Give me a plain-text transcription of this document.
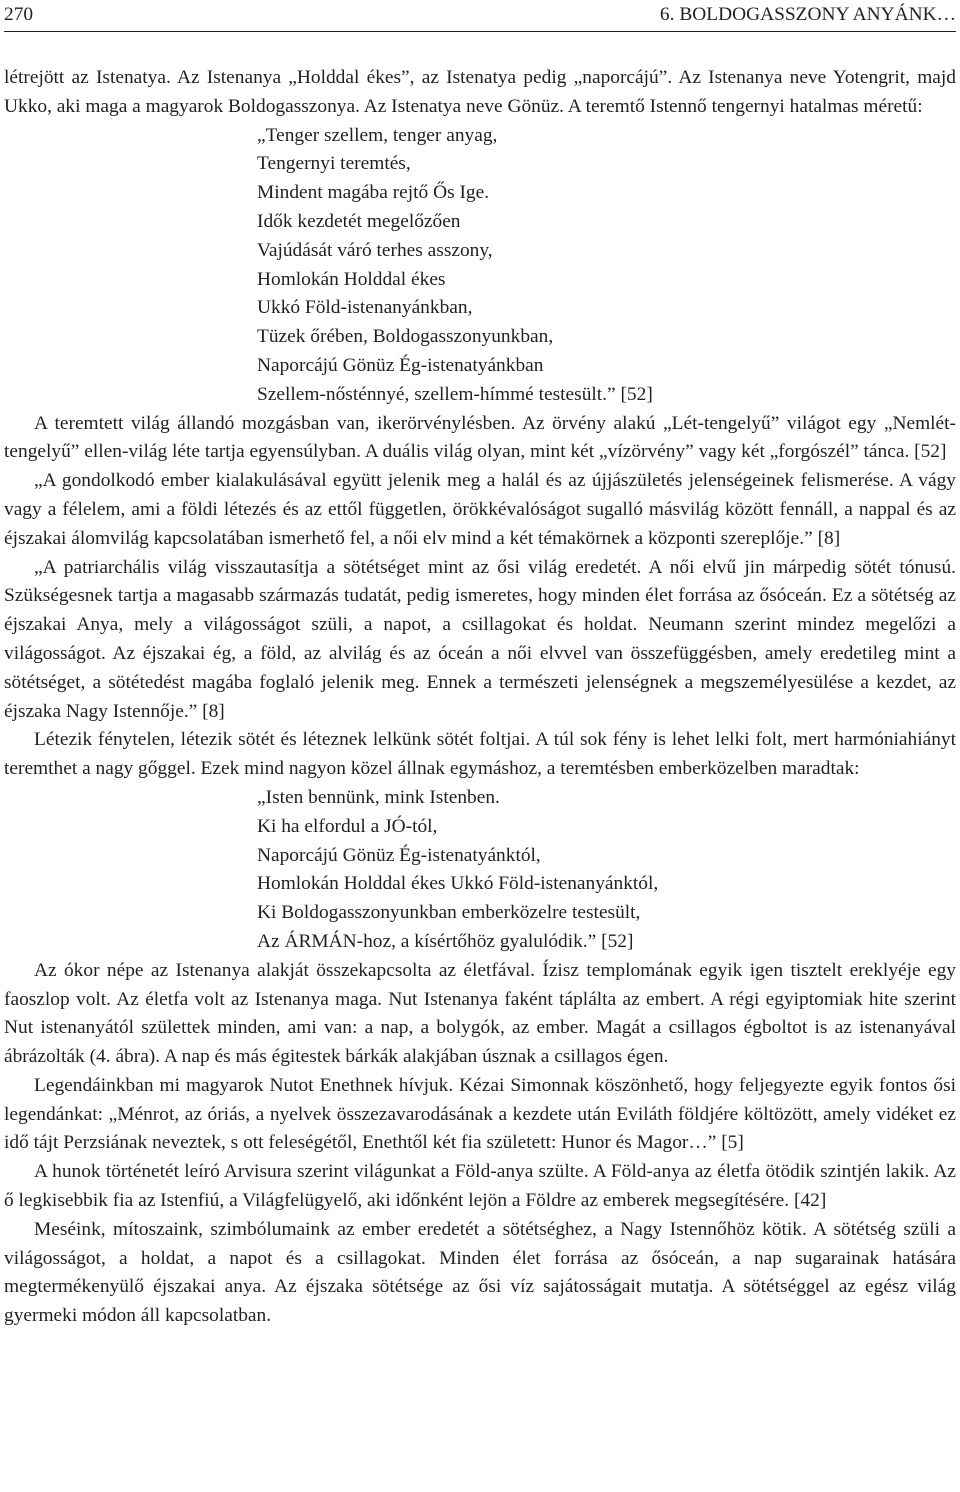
270	6. BOLDOGASSZONY ANYÁNK…

létrejött az Istenatya. Az Istenanya „Holddal ékes”, az Istenatya pedig „naporcájú”. Az Istenanya neve Yotengrit, majd Ukko, aki maga a magyarok Boldogasszonya. Az Istenatya neve Gönüz. A teremtő Istennő tengernyi hatalmas méretű:

„Tenger szellem, tenger anyag,
Tengernyi teremtés,
Mindent magába rejtő Ős Ige.
Idők kezdetét megelőzően
Vajúdását váró terhes asszony,
Homlokán Holddal ékes
Ukkó Föld-istenanyánkban,
Tüzek őrében, Boldogasszonyunkban,
Naporcájú Gönüz Ég-istenatyánkban
Szellem-nősténnyé, szellem-hímmé testesült.” [52]

A teremtett világ állandó mozgásban van, ikerörvénylésben. Az örvény alakú „Lét-tengelyű” világot egy „Nemlét-tengelyű” ellen-világ léte tartja egyensúlyban. A duális világ olyan, mint két „vízörvény” vagy két „forgószél” tánca. [52]

„A gondolkodó ember kialakulásával együtt jelenik meg a halál és az újjászületés jelenségeinek felismerése. A vágy vagy a félelem, ami a földi létezés és az ettől független, örökkévalóságot sugalló másvilág között fennáll, a nappal és az éjszakai álomvilág kapcsolatában ismerhető fel, a női elv mind a két témakörnek a központi szereplője.” [8]

„A patriarchális világ visszautasítja a sötétséget mint az ősi világ eredetét. A női elvű jin márpedig sötét tónusú. Szükségesnek tartja a magasabb származás tudatát, pedig ismeretes, hogy minden élet forrása az ősóceán. Ez a sötétség az éjszakai Anya, mely a világosságot szüli, a napot, a csillagokat és holdat. Neumann szerint mindez megelőzi a világosságot. Az éjszakai ég, a föld, az alvilág és az óceán a női elvvel van összefüggésben, amely eredetileg mint a sötétséget, a sötétedést magába foglaló jelenik meg. Ennek a természeti jelenségnek a megszemélyesülése a kezdet, az éjszaka Nagy Istennője.” [8]

Létezik fénytelen, létezik sötét és léteznek lelkünk sötét foltjai. A túl sok fény is lehet lelki folt, mert harmóniahiányt teremthet a nagy gőggel. Ezek mind nagyon közel állnak egymáshoz, a teremtésben emberközelben maradtak:

„Isten bennünk, mink Istenben.
Ki ha elfordul a JÓ-tól,
Naporcájú Gönüz Ég-istenatyánktól,
Homlokán Holddal ékes Ukkó Föld-istenanyánktól,
Ki Boldogasszonyunkban emberközelre testesült,
Az ÁRMÁN-hoz, a kísértőhöz gyalulódik.” [52]

Az ókor népe az Istenanya alakját összekapcsolta az életfával. Ízisz templomának egyik igen tisztelt ereklyéje egy faoszlop volt. Az életfa volt az Istenanya maga. Nut Istenanya faként táplálta az embert. A régi egyiptomiak hite szerint Nut istenanyától születtek minden, ami van: a nap, a bolygók, az ember. Magát a csillagos égboltot is az istenanyával ábrázolták (4. ábra). A nap és más égitestek bárkák alakjában úsznak a csillagos égen.

Legendáinkban mi magyarok Nutot Enethnek hívjuk. Kézai Simonnak köszönhető, hogy feljegyezte egyik fontos ősi legendánkat: „Ménrot, az óriás, a nyelvek összezavarodásának a kezdete után Eviláth földjére költözött, amely vidéket ez idő tájt Perzsiának neveztek, s ott feleségétől, Enethtől két fia született: Hunor és Magor…” [5]

A hunok történetét leíró Arvisura szerint világunkat a Föld-anya szülte. A Föld-anya az életfa ötödik szintjén lakik. Az ő legkisebbik fia az Istenfiú, a Világfelügyelő, aki időnként lejön a Földre az emberek megsegítésére. [42]

Meséink, mítoszaink, szimbólumaink az ember eredetét a sötétséghez, a Nagy Istennőhöz kötik. A sötétség szüli a világosságot, a holdat, a napot és a csillagokat. Minden élet forrása az ősóceán, a nap sugarainak hatására megtermékenyülő éjszakai anya. Az éjszaka sötétsége az ősi víz sajátosságait mutatja. A sötétséggel az egész világ gyermeki módon áll kapcsolatban.
